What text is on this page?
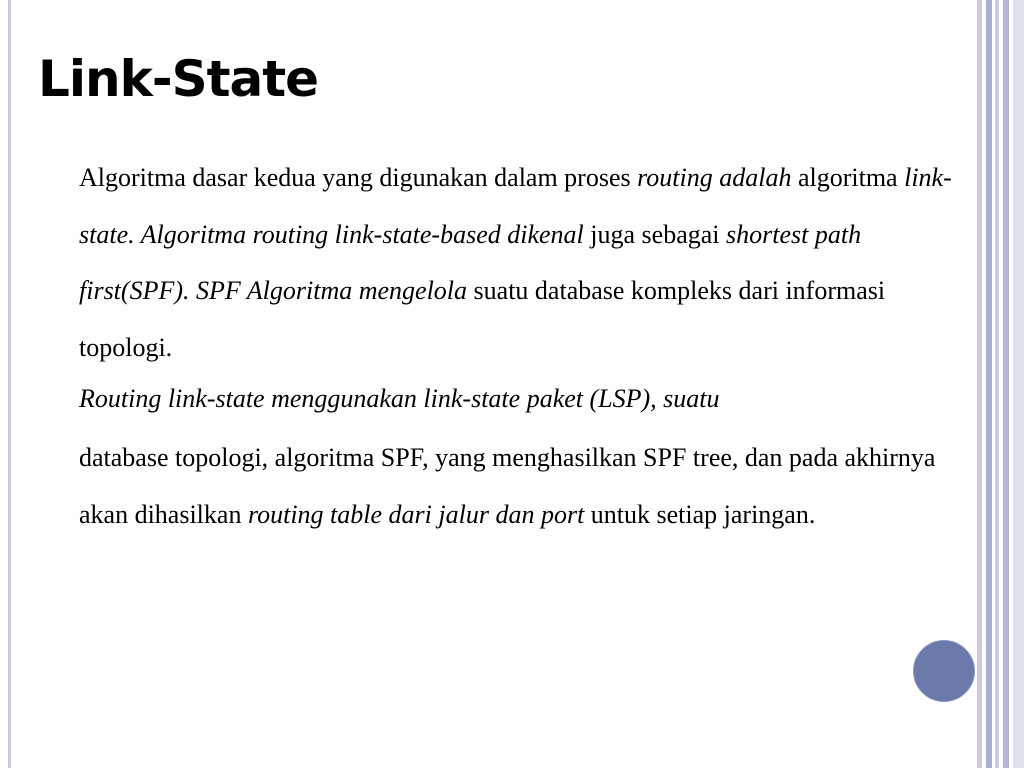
Link-State

Algoritma dasar kedua yang digunakan dalam proses routing adalah algoritma link-state. Algoritma routing link-state-based dikenal juga sebagai shortest path first(SPF). SPF Algoritma mengelola suatu database kompleks dari informasi topologi.

Routing link-state menggunakan link-state paket (LSP), suatu

database topologi, algoritma SPF, yang menghasilkan SPF tree, dan pada akhirnya akan dihasilkan routing table dari jalur dan port untuk setiap jaringan.
